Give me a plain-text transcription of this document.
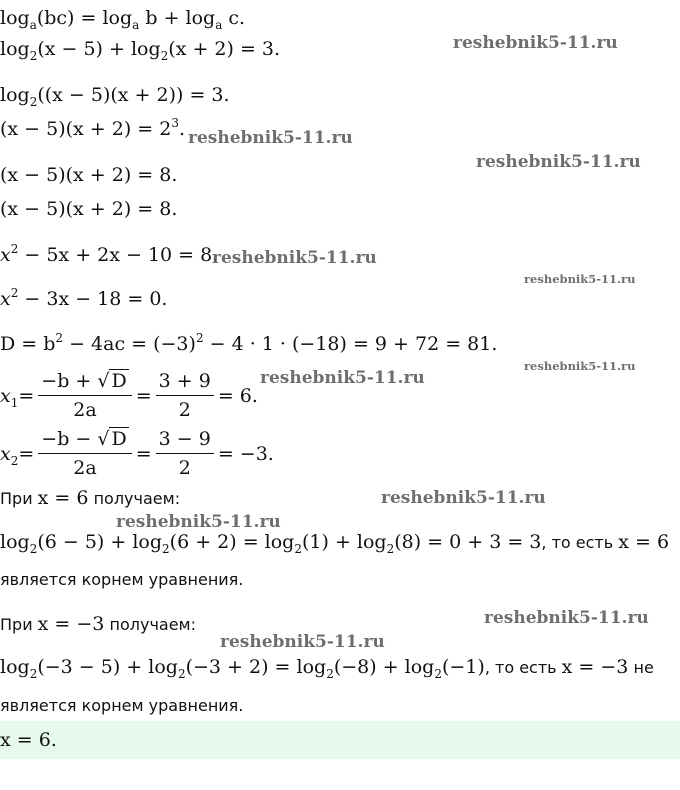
$\log_a(bc) = \log_a b + \log_a c$.
$\log_2(x - 5) + \log_2(x + 2) = 3$.
$\log_2((x - 5)(x + 2)) = 3$.
$(x - 5)(x + 2) = 2^3$.
(x − 5)(x + 2) = 8.
(x − 5)(x + 2) = 8.
$x^2 - 5x + 2x - 10 = 8$.
$x^2 - 3x - 18 = 0$.
$D = b^2 - 4ac = (-3)^2 - 4 \cdot 1 \cdot (-18) = 9 + 72 = 81$.
$x_1 = \frac{-b + √ D}{2a} = \frac{3 + 9}{2} = 6$.
$x_2 = \frac{-b - √ D}{2a} = \frac{3 - 9}{2} = -3$.
При x = 6 получаем:
$\log_2(6 - 5) + \log_2(6 + 2) = \log_2(1) + \log_2(8) = 0 + 3 = 3$, то есть x = 6
является корнем уравнения.
При x = −3 получаем:
$\log_2(-3 - 5) + \log_2(-3 + 2) = \log_2(-8) + \log_2(-1)$, то есть x = −3 не
является корнем уравнения.
x = 6.
reshebnik5-11.ru
reshebnik5-11.ru
reshebnik5-11.ru
reshebnik5-11.ru
reshebnik5-11.ru
reshebnik5-11.ru
reshebnik5-11.ru
reshebnik5-11.ru
reshebnik5-11.ru
reshebnik5-11.ru
reshebnik5-11.ru
